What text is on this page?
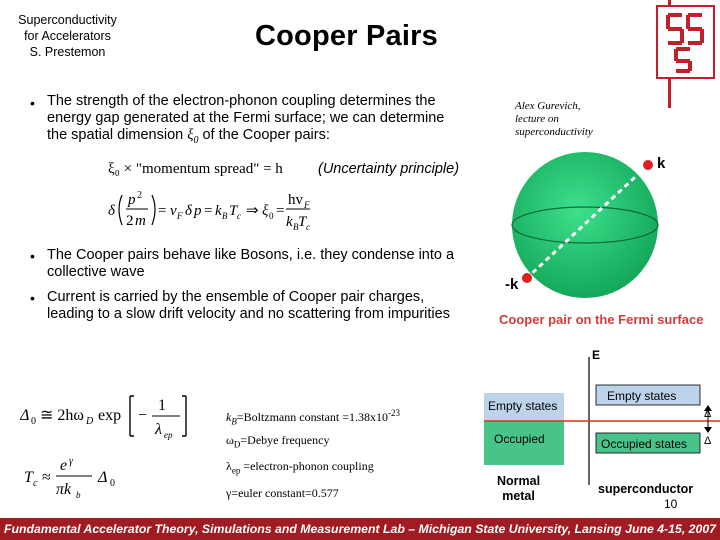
Superconductivity
for Accelerators
S. Prestemon	Cooper Pairs
• The strength of the electron-phonon coupling determines the
energy gap generated at the Fermi surface; we can determine
the spatial dimension $\xi_0$ of the Cooper pairs:
ξ₀ × "momentum spread" = h (Uncertainty principle)
δ
p 2
2 m
= v F δ p = k B T c ⇒ ξ 0 =
hv F
k B T c
• The Cooper pairs behave like Bosons, i.e. they condense into a
collective wave
• Current is carried by the ensemble of Cooper pair charges,
leading to a slow drift velocity and no scattering from impurities
Alex Gurevich,
lecture on
superconductivity
k
-k
Cooper pair on the Fermi surface
Δ 0 ≅ 2hω D exp −
1
λ ep
T c ≈
e γ
πk b
Δ 0
$k_B=Boltzmann$ constant $=1.38x10^{-23}$
$\omega_D=Debye$ frequency
$\lambda_{ep}$ =electron-phonon coupling
γ=euler constant=0.577
E
Empty states
Occupied
Empty states
Occupied states
Δ
Δ
Normal
metal	superconductor
10
Fundamental Accelerator Theory, Simulations and Measurement Lab – Michigan State University, Lansing June 4-15, 2007
